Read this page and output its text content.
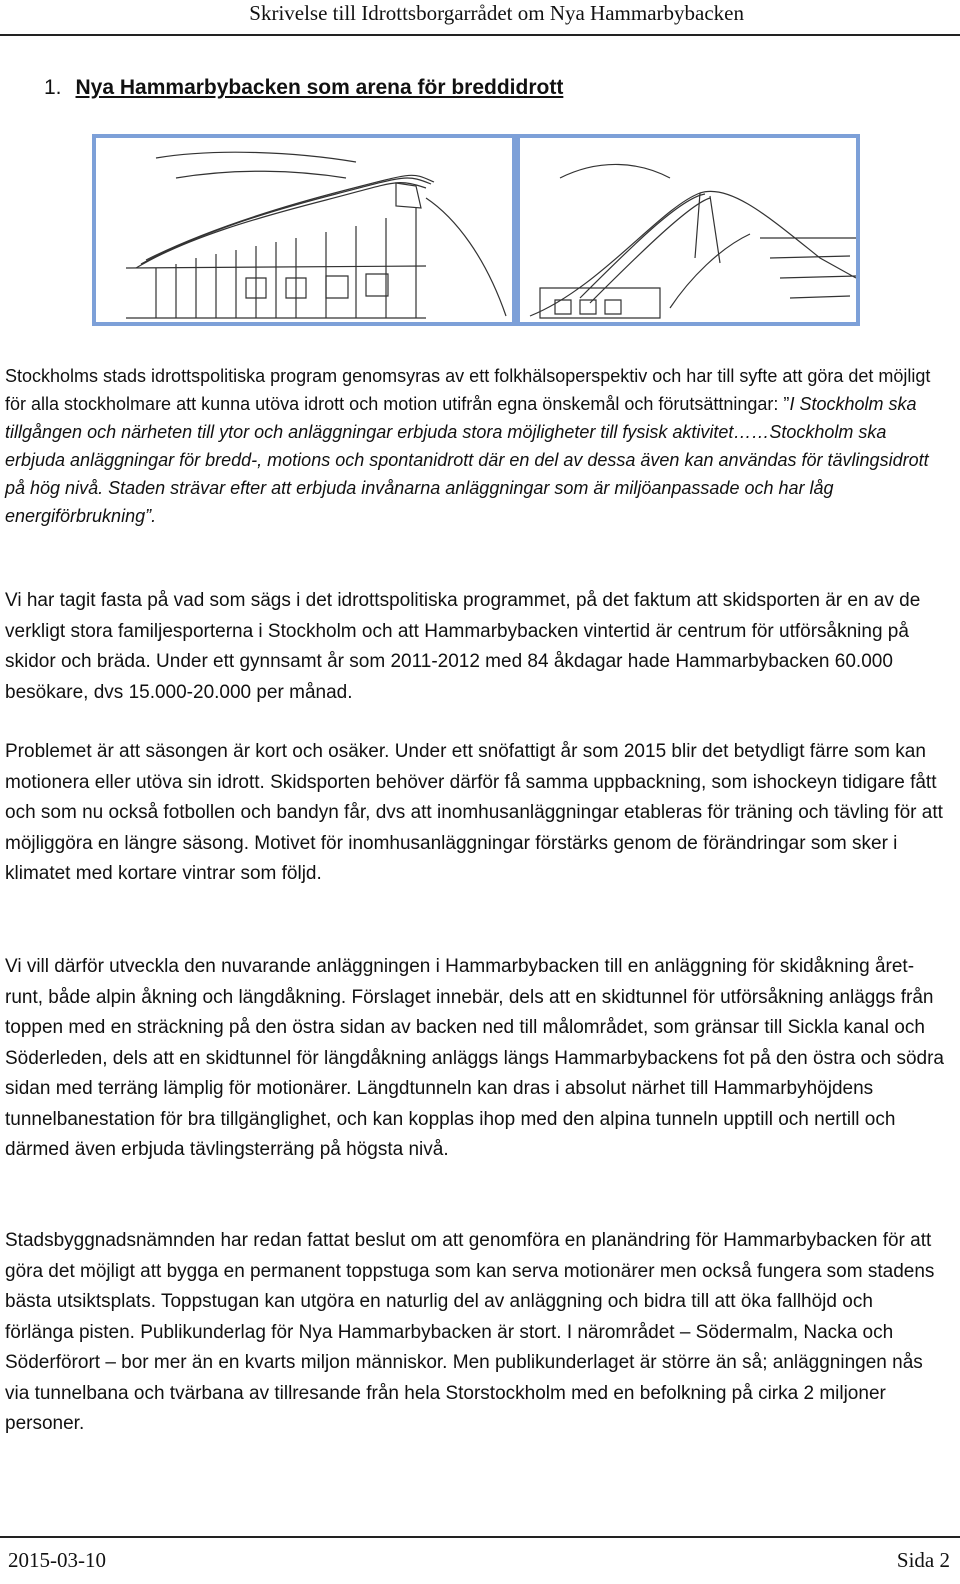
Skrivelse till Idrottsborgarrådet om Nya Hammarbybacken
1. Nya Hammarbybacken som arena för breddidrott
Stockholms stads idrottspolitiska program genomsyras av ett folkhälsoperspektiv och har till syfte att göra det möjligt för alla stockholmare att kunna utöva idrott och motion utifrån egna önskemål och förutsättningar: ”I Stockholm ska tillgången och närheten till ytor och anläggningar erbjuda stora möjligheter till fysisk aktivitet……Stockholm ska erbjuda anläggningar för bredd-, motions och spontanidrott där en del av dessa även kan användas för tävlingsidrott på hög nivå. Staden strävar efter att erbjuda invånarna anläggningar som är miljöanpassade och har låg energiförbrukning”.
Vi har tagit fasta på vad som sägs i det idrottspolitiska programmet, på det faktum att skidsporten är en av de verkligt stora familjesporterna i Stockholm och att Hammarbybacken vintertid är centrum för utförsåkning på skidor och bräda. Under ett gynnsamt år som 2011-2012 med 84 åkdagar hade Hammarbybacken 60.000 besökare, dvs 15.000-20.000 per månad.
Problemet är att säsongen är kort och osäker. Under ett snöfattigt år som 2015 blir det betydligt färre som kan motionera eller utöva sin idrott. Skidsporten behöver därför få samma uppbackning, som ishockeyn tidigare fått och som nu också fotbollen och bandyn får, dvs att inomhusanläggningar etableras för träning och tävling för att möjliggöra en längre säsong. Motivet för inomhusanläggningar förstärks genom de förändringar som sker i klimatet med kortare vintrar som följd.
Vi vill därför utveckla den nuvarande anläggningen i Hammarbybacken till en anläggning för skidåkning året-runt, både alpin åkning och längdåkning. Förslaget innebär, dels att en skidtunnel för utförsåkning anläggs från toppen med en sträckning på den östra sidan av backen ned till målområdet, som gränsar till Sickla kanal och Söderleden, dels att en skidtunnel för längdåkning anläggs längs Hammarbybackens fot på den östra och södra sidan med terräng lämplig för motionärer. Längdtunneln kan dras i absolut närhet till Hammarbyhöjdens tunnelbanestation för bra tillgänglighet, och kan kopplas ihop med den alpina tunneln upptill och nertill och därmed även erbjuda tävlingsterräng på högsta nivå.
Stadsbyggnadsnämnden har redan fattat beslut om att genomföra en planändring för Hammarbybacken för att göra det möjligt att bygga en permanent toppstuga som kan serva motionärer men också fungera som stadens bästa utsiktsplats. Toppstugan kan utgöra en naturlig del av anläggning och bidra till att öka fallhöjd och förlänga pisten. Publikunderlag för Nya Hammarbybacken är stort. I närområdet – Södermalm, Nacka och Söderförort – bor mer än en kvarts miljon människor. Men publikunderlaget är större än så; anläggningen nås via tunnelbana och tvärbana av tillresande från hela Storstockholm med en befolkning på cirka 2 miljoner personer.
2015-03-10	Sida 2
